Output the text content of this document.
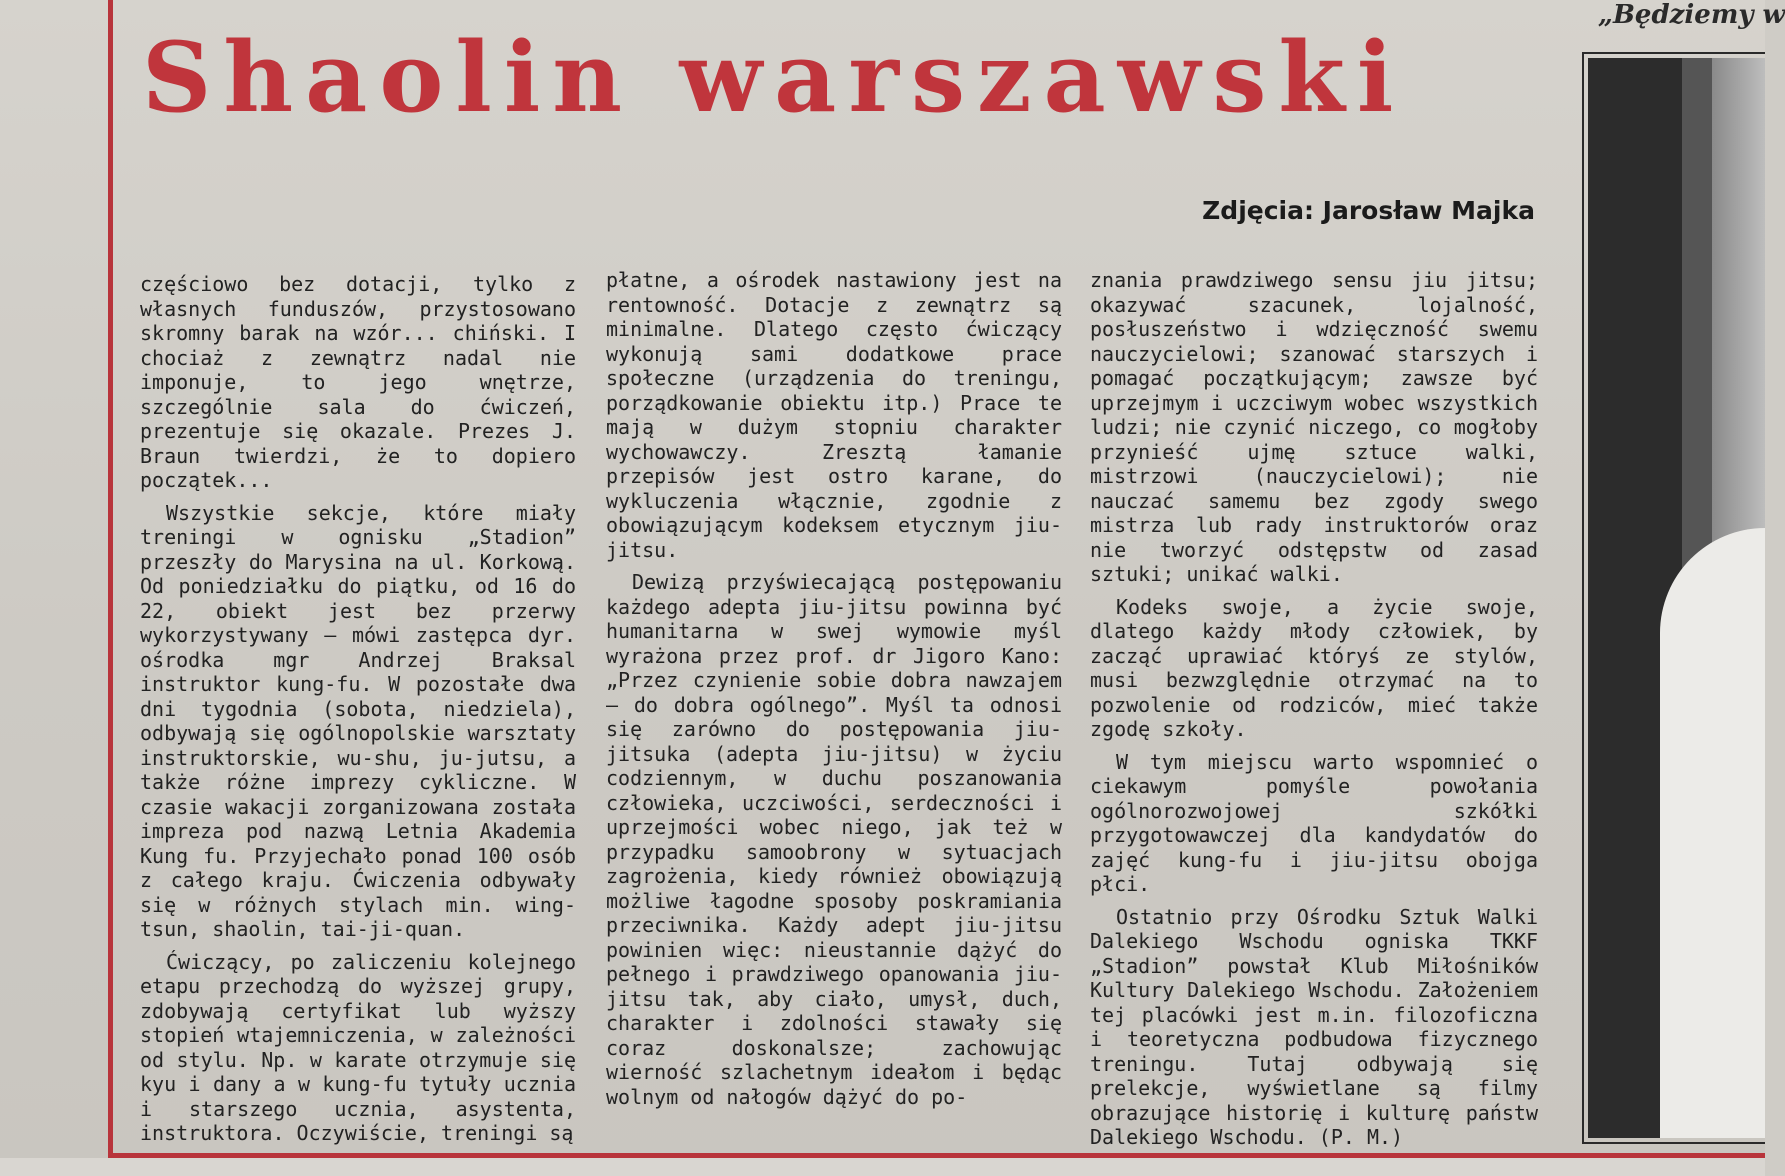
„Będziemy w
Shaolin warszawski
Zdjęcia: Jarosław Majka

częściowo bez dotacji, tylko z własnych funduszów, przystosowano skromny barak na wzór... chiński. I chociaż z zewnątrz nadal nie imponuje, to jego wnętrze, szczególnie sala do ćwiczeń, prezentuje się okazale. Prezes J. Braun twierdzi, że to dopiero początek...

Wszystkie sekcje, które miały treningi w ognisku „Stadion” przeszły do Marysina na ul. Korkową. Od poniedziałku do piątku, od 16 do 22, obiekt jest bez przerwy wykorzystywany — mówi zastępca dyr. ośrodka mgr Andrzej Braksal instruktor kung-fu. W pozostałe dwa dni tygodnia (sobota, niedziela), odbywają się ogólnopolskie warsztaty instruktorskie, wu-shu, ju-jutsu, a także różne imprezy cykliczne. W czasie wakacji zorganizowana została impreza pod nazwą Letnia Akademia Kung fu. Przyjechało ponad 100 osób z całego kraju. Ćwiczenia odbywały się w różnych stylach min. wing-tsun, shaolin, tai-ji-quan.

Ćwiczący, po zaliczeniu kolejnego etapu przechodzą do wyższej grupy, zdobywają certyfikat lub wyższy stopień wtajemniczenia, w zależności od stylu. Np. w karate otrzymuje się kyu i dany a w kung-fu tytuły ucznia i starszego ucznia, asystenta, instruktora. Oczywiście, treningi są

płatne, a ośrodek nastawiony jest na rentowność. Dotacje z zewnątrz są minimalne. Dlatego często ćwiczący wykonują sami dodatkowe prace społeczne (urządzenia do treningu, porządkowanie obiektu itp.) Prace te mają w dużym stopniu charakter wychowawczy. Zresztą łamanie przepisów jest ostro karane, do wykluczenia włącznie, zgodnie z obowiązującym kodeksem etycznym jiu-jitsu.

Dewizą przyświecającą postępowaniu każdego adepta jiu-jitsu powinna być humanitarna w swej wymowie myśl wyrażona przez prof. dr Jigoro Kano: „Przez czynienie sobie dobra nawzajem — do dobra ogólnego”. Myśl ta odnosi się zarówno do postępowania jiu-jitsuka (adepta jiu-jitsu) w życiu codziennym, w duchu poszanowania człowieka, uczciwości, serdeczności i uprzejmości wobec niego, jak też w przypadku samoobrony w sytuacjach zagrożenia, kiedy również obowiązują możliwe łagodne sposoby poskramiania przeciwnika. Każdy adept jiu-jitsu powinien więc: nieustannie dążyć do pełnego i prawdziwego opanowania jiu-jitsu tak, aby ciało, umysł, duch, charakter i zdolności stawały się coraz doskonalsze; zachowując wierność szlachetnym ideałom i będąc wolnym od nałogów dążyć do po-

znania prawdziwego sensu jiu jitsu; okazywać szacunek, lojalność, posłuszeństwo i wdzięczność swemu nauczycielowi; szanować starszych i pomagać początkującym; zawsze być uprzejmym i uczciwym wobec wszystkich ludzi; nie czynić niczego, co mogłoby przynieść ujmę sztuce walki, mistrzowi (nauczycielowi); nie nauczać samemu bez zgody swego mistrza lub rady instruktorów oraz nie tworzyć odstępstw od zasad sztuki; unikać walki.

Kodeks swoje, a życie swoje, dlatego każdy młody człowiek, by zacząć uprawiać któryś ze stylów, musi bezwzględnie otrzymać na to pozwolenie od rodziców, mieć także zgodę szkoły.

W tym miejscu warto wspomnieć o ciekawym pomyśle powołania ogólnorozwojowej szkółki przygotowawczej dla kandydatów do zajęć kung-fu i jiu-jitsu obojga płci.

Ostatnio przy Ośrodku Sztuk Walki Dalekiego Wschodu ogniska TKKF „Stadion” powstał Klub Miłośników Kultury Dalekiego Wschodu. Założeniem tej placówki jest m.in. filozoficzna i teoretyczna podbudowa fizycznego treningu. Tutaj odbywają się prelekcje, wyświetlane są filmy obrazujące historię i kulturę państw Dalekiego Wschodu. (P. M.)
